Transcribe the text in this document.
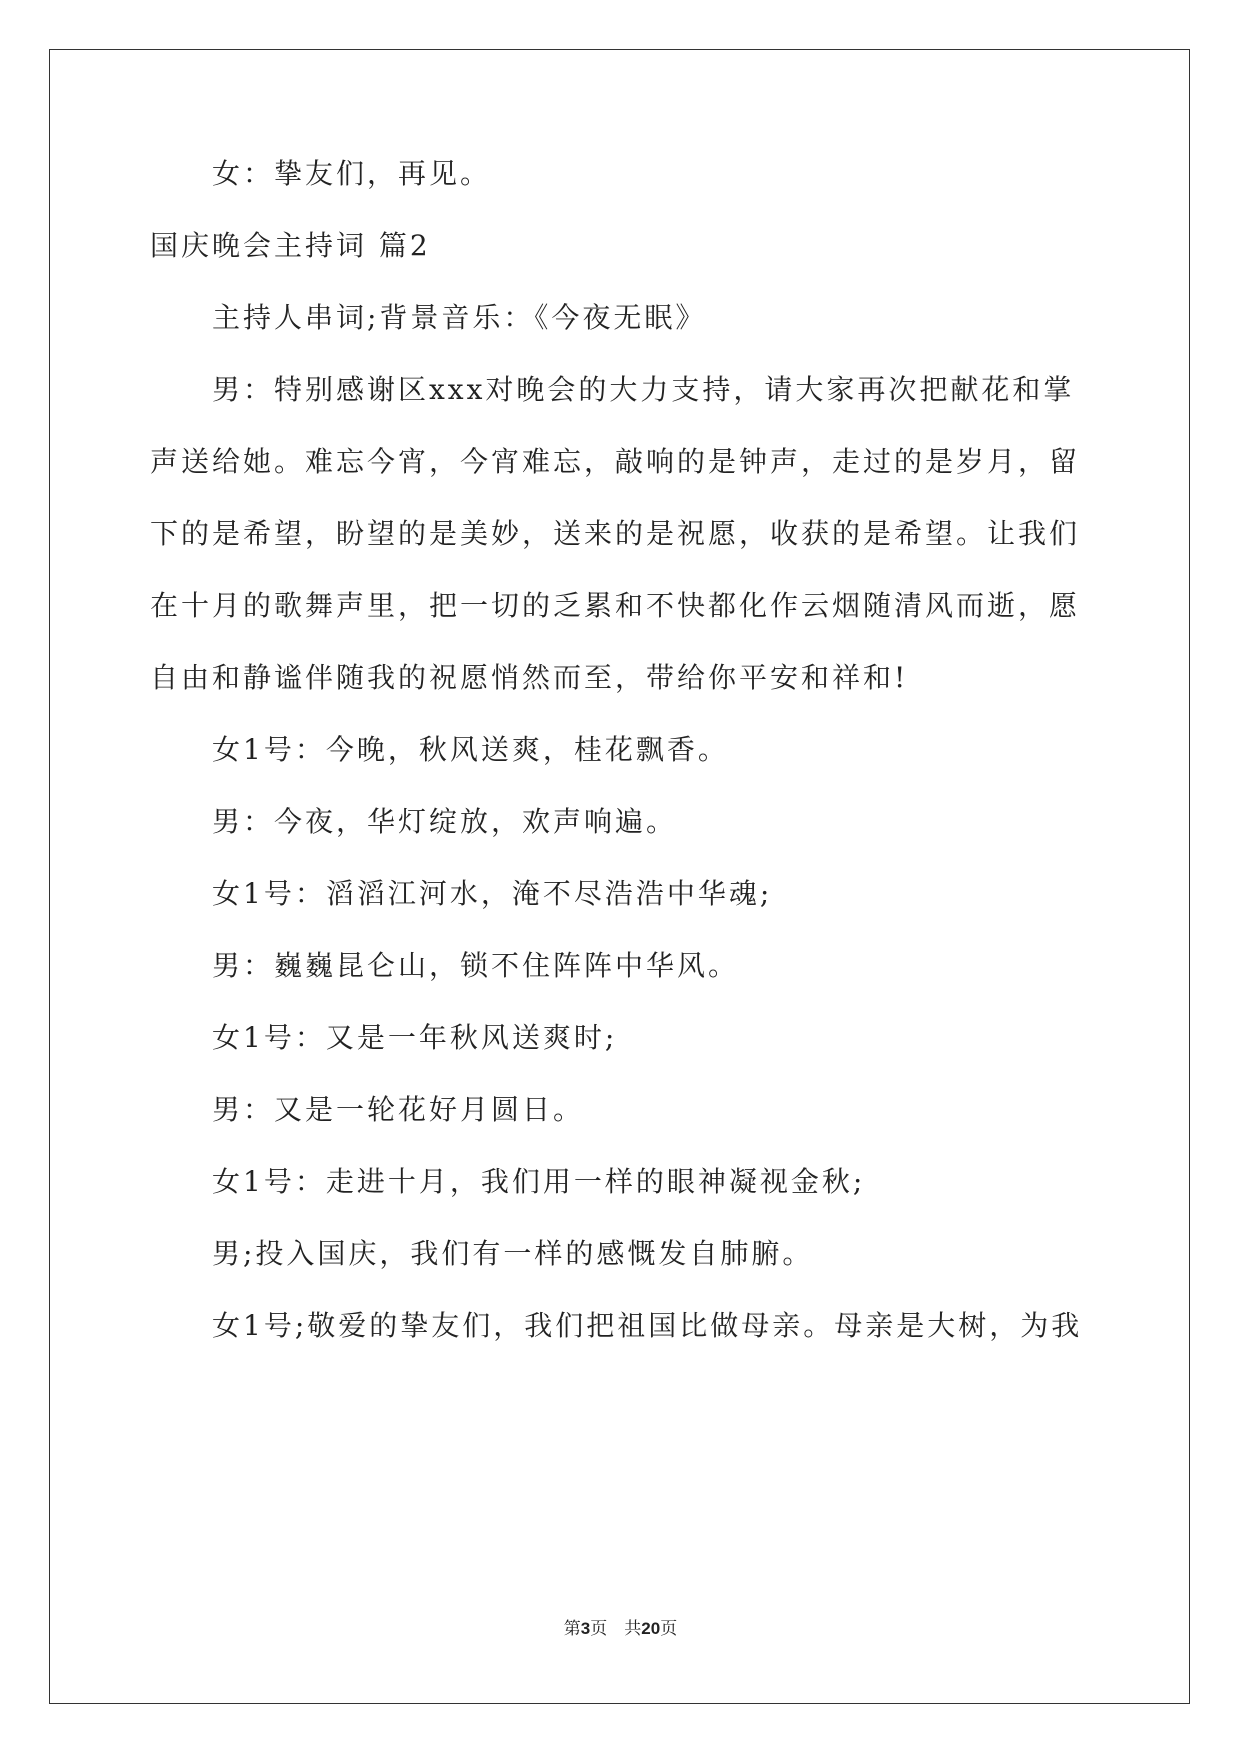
　　女：挚友们，再见。
国庆晚会主持词 篇2
　　主持人串词;背景音乐：《今夜无眠》
　　男：特别感谢区xxx对晚会的大力支持，请大家再次把献花和掌
声送给她。难忘今宵，今宵难忘，敲响的是钟声，走过的是岁月，留
下的是希望，盼望的是美妙，送来的是祝愿，收获的是希望。让我们
在十月的歌舞声里，把一切的乏累和不快都化作云烟随清风而逝，愿
自由和静谧伴随我的祝愿悄然而至，带给你平安和祥和!
　　女1号：今晚，秋风送爽，桂花飘香。
　　男：今夜，华灯绽放，欢声响遍。
　　女1号：滔滔江河水，淹不尽浩浩中华魂;
　　男：巍巍昆仑山，锁不住阵阵中华风。
　　女1号：又是一年秋风送爽时;
　　男：又是一轮花好月圆日。
　　女1号：走进十月，我们用一样的眼神凝视金秋;
　　男;投入国庆，我们有一样的感慨发自肺腑。
　　女1号;敬爱的挚友们，我们把祖国比做母亲。母亲是大树，为我
第3页　共20页
